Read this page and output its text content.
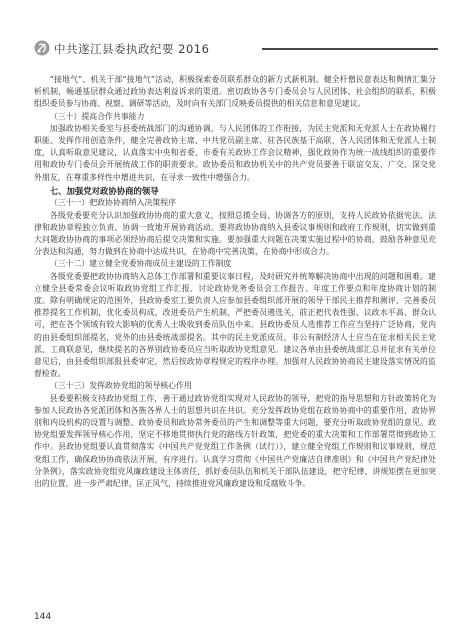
中共遂江县委执政纪要 2016

“接地气”、机关干部“接地气”活动，积极探索委员联系群众的新方式新机制。健全杆僧民意表达和舆情汇集分析机制，畅通基层群众通过政协表达利益诉求的渠道。密切政协各专门委员会与人民团体、社会组织的联系，积极组织委员参与协商、视察、调研等活动，及时向有关部门反映委员提供的相关信息和意见建议。

（三十）提高合作共事能力

加强政协相关委室与县委统战部门的沟通协调，与人民团体的工作衔接，为民主党派和无党派人士在政协履行职能、发挥作用创造条件，健全完善政协主席、中共党员副主席、驻各民族基干高联、各人民团体和无党派人士制度，认真听取意见建议，认真落实中央和省委、市委有关政协工作会议精神，强化政协作为统一战线组织的重要作用和政协专门委员会开展统战工作的职责要求。政协委员和政协机关中的共产党员要善于联谊交友，广交、深交党外朋友，在尊重多样性中增进共识，在寻求一致性中增强合力。

七、加强党对政协协商的领导

（三十一）把政协协商纳入决策程序

各级党委要充分认识加强政协协商的重大意义，按照总揽全局、协调各方的原则，支持人民政协依据宪法、法律和政协章程独立负责、协调一致地开展协商活动。要将政协协商纳入县委议事规则和政府工作规则，切实做到重大问题政协协商的事项必须经协商后提交决策和实施。要加强重大问题在决策实施过程中的协商，鼓励各种意见充分表达和沟通，努力做到在协商中达成共识，在协商中完善决策，在协商中形成合力。

（三十二）建立健全党委协商成员主建设的工作制度

各级党委要把政协协商纳入总体工作部署和重要议事日程，及时研究并统筹解决协商中出现的问题和困难。建立健全县委常委会议听取政协党组工作汇报、讨论政协党务委员会工作报告、年度工作要点和年度协商计划的制度。除有明确规定的范围外，县政协委室工要负责人应参加县委组织部开展的领导干部民主推荐和测评、完善委员推荐提名工作机制，优化委员构成，改进委员产生机制，严把委员遴选关，前正把代表性强、议政水平高、群众认可，把在各个领域有较大影响的优秀人士吸收到委员队伍中来。县政协委员人选推荐工作应当坚持广泛协商，党内的由县委组织部提名，党外的由县委统战部提名。其中的民主党派成员、非公有制经济人士应当在征求相关民主党派、工商联意见，继续提名的各界别政协委员应当听取政协党组意见。建议各单由县委统战部汇总并征求有关单位意见后，由县委组织部报县委审定，然后按政协章程规定的程序办理。加强对人民政协协商民主建设落实情况的监督检查。

（三十三）发挥政协党组的领导核心作用

县委要积极支持政协党组工作，善于通过政协党组实现对人民政协的领导，把党的指导思想和方针政策转化为参加人民政协各党派团体和各族各界人士的思想共识在共识。充分发挥政协党组在政协协商中的重要作用，政协界别和内设机构的设置与调整、政协委员和政协常务委员的产生和调整等重大问题，要充分听取政协党组的意见。政协党组要发挥领导核心作用，坚定不移地贯彻执行党的路线方针政策，把党委的重大决策和工作部署贯彻到政协工作中。县政协党组要认真贯彻落实《中国共产党党组工作条例（试行）》，建立健全党组工作规则和议事规则，规范党组工作，确保政协协商依法开展，有序进行。认真学习贯彻《中国共产党廉洁自律准则》和《中国共产党纪律处分条例》，落实政协党组党风廉政建设主体责任，抓好委员队伍和机关干部队伍建设，把守纪律、讲规矩摆在更加突出的位置，进一步严肃纪律，匡正风气，持续推进党风廉政建设和反腐败斗争。

144
